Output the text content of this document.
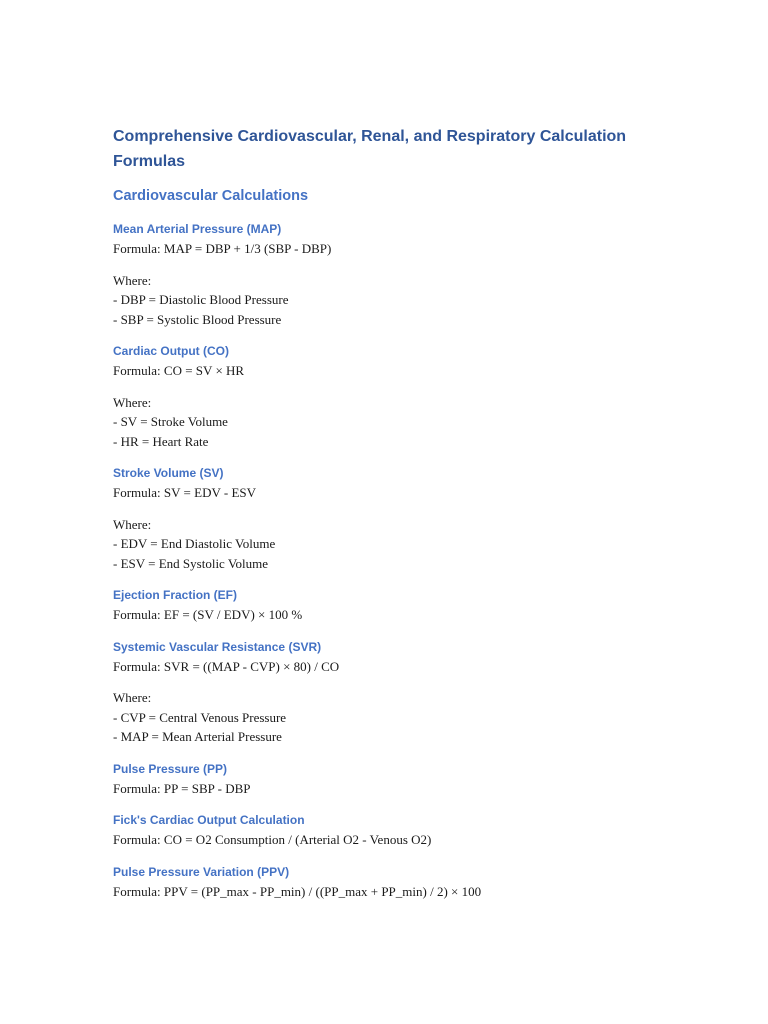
Comprehensive Cardiovascular, Renal, and Respiratory Calculation
Formulas
Cardiovascular Calculations
Mean Arterial Pressure (MAP)
Formula: MAP = DBP + 1/3 (SBP - DBP)
Where:
- DBP = Diastolic Blood Pressure
- SBP = Systolic Blood Pressure
Cardiac Output (CO)
Formula: CO = SV × HR
Where:
- SV = Stroke Volume
- HR = Heart Rate
Stroke Volume (SV)
Formula: SV = EDV - ESV
Where:
- EDV = End Diastolic Volume
- ESV = End Systolic Volume
Ejection Fraction (EF)
Formula: EF = (SV / EDV) × 100 %
Systemic Vascular Resistance (SVR)
Formula: SVR = ((MAP - CVP) × 80) / CO
Where:
- CVP = Central Venous Pressure
- MAP = Mean Arterial Pressure
Pulse Pressure (PP)
Formula: PP = SBP - DBP
Fick's Cardiac Output Calculation
Formula: CO = O2 Consumption / (Arterial O2 - Venous O2)
Pulse Pressure Variation (PPV)
Formula: PPV = (PP_max - PP_min) / ((PP_max + PP_min) / 2) × 100
